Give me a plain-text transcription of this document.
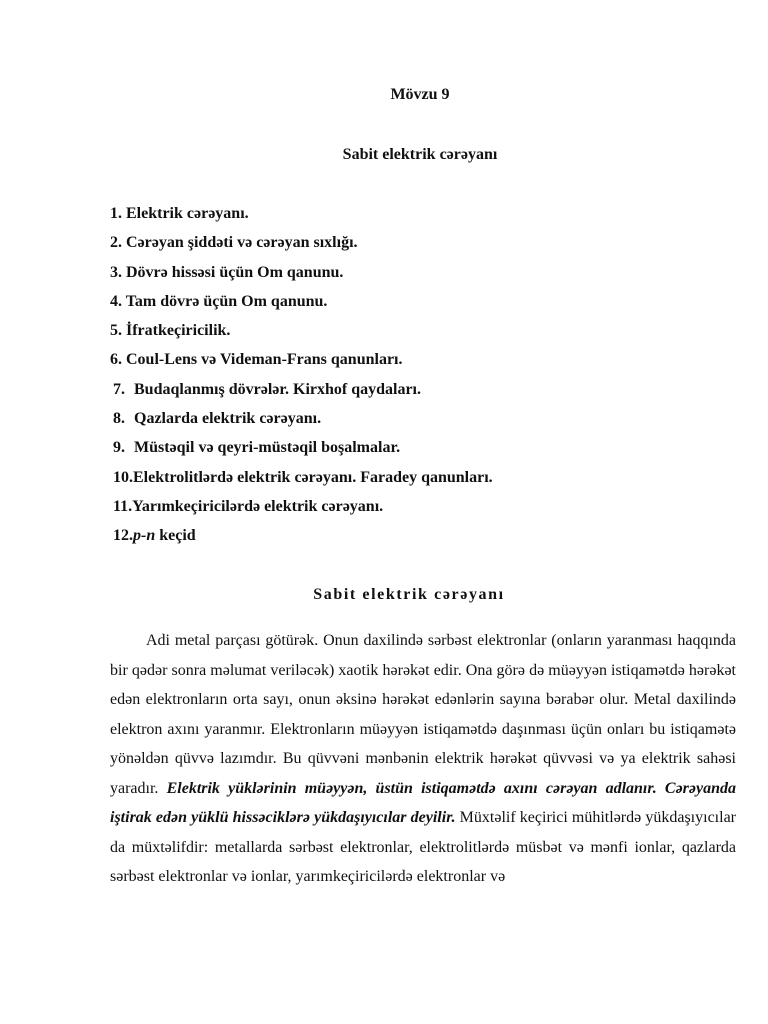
Mövzu 9
Sabit elektrik cərəyanı
1. Elektrik cərəyanı.
2. Cərəyan şiddəti və cərəyan sıxlığı.
3. Dövrə hissəsi üçün Om qanunu.
4. Tam dövrə üçün Om qanunu.
5. İfratkeçiricilik.
6. Coul-Lens və Videman-Frans qanunları.
7. Budaqlanmış dövrələr. Kirxhof qaydaları.
8. Qazlarda elektrik cərəyanı.
9. Müstəqil və qeyri-müstəqil boşalmalar.
10.Elektrolitlərdə elektrik cərəyanı. Faradey qanunları.
11.Yarımkeçiricilərdə elektrik cərəyanı.
12.p-n keçid
Sabit elektrik cərəyanı

Adi metal parçası götürək. Onun daxilində sərbəst elektronlar (onların yaranması haqqında bir qədər sonra məlumat veriləcək) xaotik hərəkət edir. Ona görə də müəyyən istiqamətdə hərəkət edən elektronların orta sayı, onun əksinə hərəkət edənlərin sayına bərabər olur. Metal daxilində elektron axını yaranmır. Elektronların müəyyən istiqamətdə daşınması üçün onları bu istiqamətə yönəldən qüvvə lazımdır. Bu qüvvəni mənbənin elektrik hərəkət qüvvəsi və ya elektrik sahəsi yaradır. Elektrik yüklərinin müəyyən, üstün istiqamətdə axını cərəyan adlanır. Cərəyanda iştirak edən yüklü hissəciklərə yükdaşıyıcılar deyilir. Müxtəlif keçirici mühitlərdə yükdaşıyıcılar da müxtəlifdir: metallarda sərbəst elektronlar, elektrolitlərdə müsbət və mənfi ionlar, qazlarda sərbəst elektronlar və ionlar, yarımkeçiricilərdə elektronlar və
